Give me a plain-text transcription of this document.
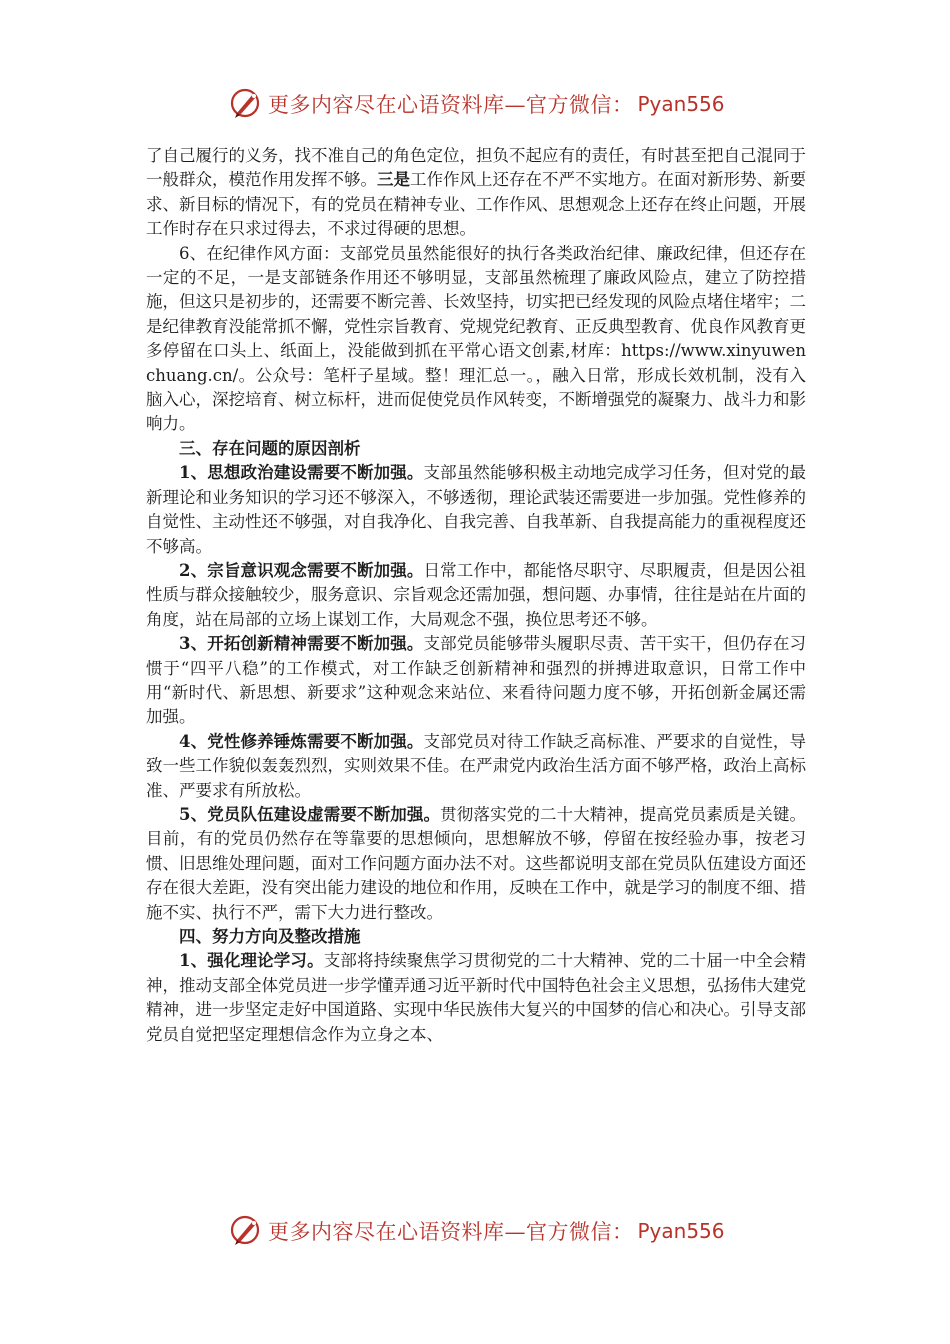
更多内容尽在心语资料库—官方微信： Pyan556

了自己履行的义务，找不准自己的角色定位，担负不起应有的责任，有时甚至把自己混同于一般群众，模范作用发挥不够。三是工作作风上还存在不严不实地方。在面对新形势、新要求、新目标的情况下，有的党员在精神专业、工作作风、思想观念上还存在终止问题，开展工作时存在只求过得去，不求过得硬的思想。

6、在纪律作风方面：支部党员虽然能很好的执行各类政治纪律、廉政纪律，但还存在一定的不足，一是支部链条作用还不够明显，支部虽然梳理了廉政风险点，建立了防控措施，但这只是初步的，还需要不断完善、长效坚持，切实把已经发现的风险点堵住堵牢；二是纪律教育没能常抓不懈，党性宗旨教育、党规党纪教育、正反典型教育、优良作风教育更多停留在口头上、纸面上，没能做到抓在平常心语文创素,材库：https://www.xinyuwenchuang.cn/。公众号：笔杆子星域。整！理汇总一。，融入日常，形成长效机制，没有入脑入心，深挖培育、树立标杆，进而促使党员作风转变，不断增强党的凝聚力、战斗力和影响力。

三、存在问题的原因剖析

1、思想政治建设需要不断加强。支部虽然能够积极主动地完成学习任务，但对党的最新理论和业务知识的学习还不够深入，不够透彻，理论武装还需要进一步加强。党性修养的自觉性、主动性还不够强，对自我净化、自我完善、自我革新、自我提高能力的重视程度还不够高。

2、宗旨意识观念需要不断加强。日常工作中，都能恪尽职守、尽职履责，但是因公祖性质与群众接触较少，服务意识、宗旨观念还需加强，想问题、办事情，往往是站在片面的角度，站在局部的立场上谋划工作，大局观念不强，换位思考还不够。

3、开拓创新精神需要不断加强。支部党员能够带头履职尽责、苦干实干，但仍存在习惯于“四平八稳”的工作模式，对工作缺乏创新精神和强烈的拼搏进取意识，日常工作中用“新时代、新思想、新要求”这种观念来站位、来看待问题力度不够，开拓创新金属还需加强。

4、党性修养锤炼需要不断加强。支部党员对待工作缺乏高标准、严要求的自觉性，导致一些工作貌似轰轰烈烈，实则效果不佳。在严肃党内政治生活方面不够严格，政治上高标准、严要求有所放松。

5、党员队伍建设虚需要不断加强。贯彻落实党的二十大精神，提高党员素质是关键。目前，有的党员仍然存在等靠要的思想倾向，思想解放不够，停留在按经验办事，按老习惯、旧思维处理问题，面对工作问题方面办法不对。这些都说明支部在党员队伍建设方面还存在很大差距，没有突出能力建设的地位和作用，反映在工作中，就是学习的制度不细、措施不实、执行不严，需下大力进行整改。

四、努力方向及整改措施

1、强化理论学习。支部将持续聚焦学习贯彻党的二十大精神、党的二十届一中全会精神，推动支部全体党员进一步学懂弄通习近平新时代中国特色社会主义思想，弘扬伟大建党精神，进一步坚定走好中国道路、实现中华民族伟大复兴的中国梦的信心和决心。引导支部党员自觉把坚定理想信念作为立身之本、

更多内容尽在心语资料库—官方微信： Pyan556
